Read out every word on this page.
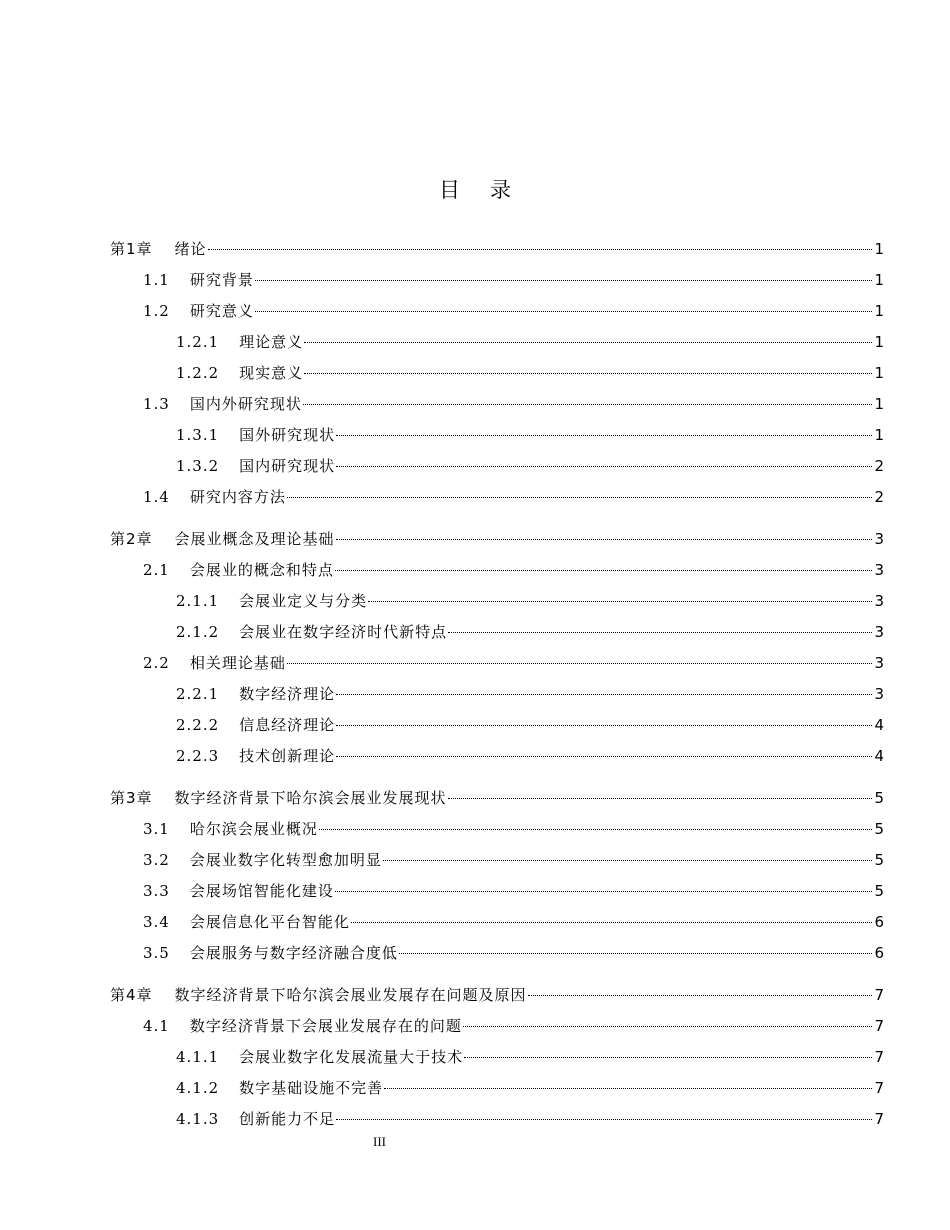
目录
第1章 绪论	1
1.1 研究背景	1
1.2 研究意义	1
1.2.1 理论意义	1
1.2.2 现实意义	1
1.3 国内外研究现状	1
1.3.1 国外研究现状	1
1.3.2 国内研究现状	2
1.4 研究内容方法	2
第2章 会展业概念及理论基础	3
2.1 会展业的概念和特点	3
2.1.1 会展业定义与分类	3
2.1.2 会展业在数字经济时代新特点	3
2.2 相关理论基础	3
2.2.1 数字经济理论	3
2.2.2 信息经济理论	4
2.2.3 技术创新理论	4
第3章 数字经济背景下哈尔滨会展业发展现状	5
3.1 哈尔滨会展业概况	5
3.2 会展业数字化转型愈加明显	5
3.3 会展场馆智能化建设	5
3.4 会展信息化平台智能化	6
3.5 会展服务与数字经济融合度低	6
第4章 数字经济背景下哈尔滨会展业发展存在问题及原因	7
4.1 数字经济背景下会展业发展存在的问题	7
4.1.1 会展业数字化发展流量大于技术	7
4.1.2 数字基础设施不完善	7
4.1.3 创新能力不足	7
III
